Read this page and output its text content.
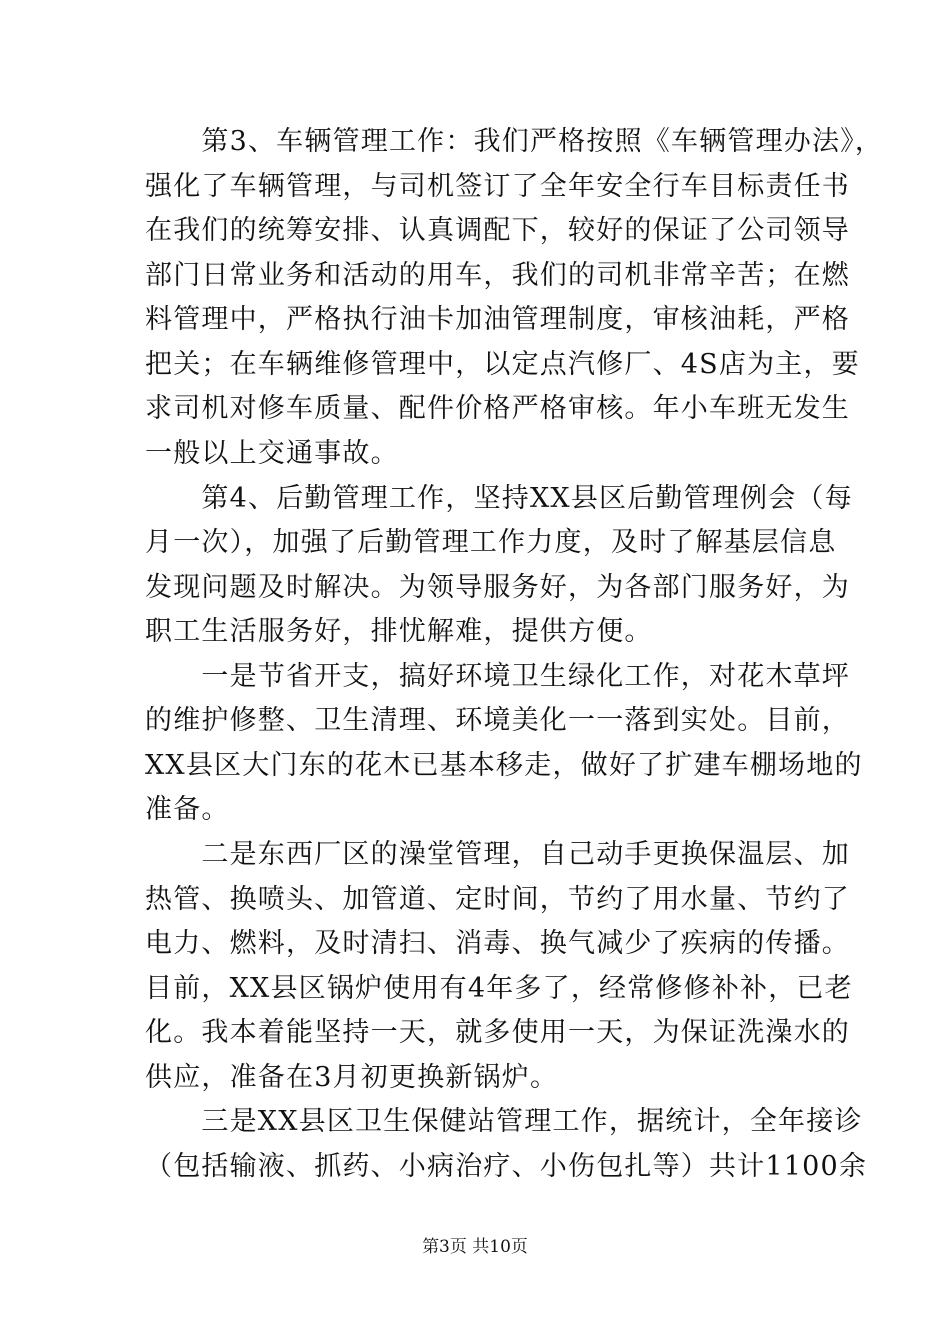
　　第3、车辆管理工作：我们严格按照《车辆管理办法》，
强化了车辆管理，与司机签订了全年安全行车目标责任书
在我们的统筹安排、认真调配下，较好的保证了公司领导
部门日常业务和活动的用车，我们的司机非常辛苦；在燃
料管理中，严格执行油卡加油管理制度，审核油耗，严格
把关；在车辆维修管理中，以定点汽修厂、4S店为主，要
求司机对修车质量、配件价格严格审核。年小车班无发生
一般以上交通事故。
　　第4、后勤管理工作，坚持XX县区后勤管理例会（每
月一次），加强了后勤管理工作力度，及时了解基层信息
发现问题及时解决。为领导服务好，为各部门服务好，为
职工生活服务好，排忧解难，提供方便。
　　一是节省开支，搞好环境卫生绿化工作，对花木草坪
的维护修整、卫生清理、环境美化一一落到实处。目前，
XX县区大门东的花木已基本移走，做好了扩建车棚场地的
准备。
　　二是东西厂区的澡堂管理，自己动手更换保温层、加
热管、换喷头、加管道、定时间，节约了用水量、节约了
电力、燃料，及时清扫、消毒、换气减少了疾病的传播。
目前，XX县区锅炉使用有4年多了，经常修修补补，已老
化。我本着能坚持一天，就多使用一天，为保证洗澡水的
供应，准备在3月初更换新锅炉。
　　三是XX县区卫生保健站管理工作，据统计，全年接诊
（包括输液、抓药、小病治疗、小伤包扎等）共计1100余
第3页 共10页
